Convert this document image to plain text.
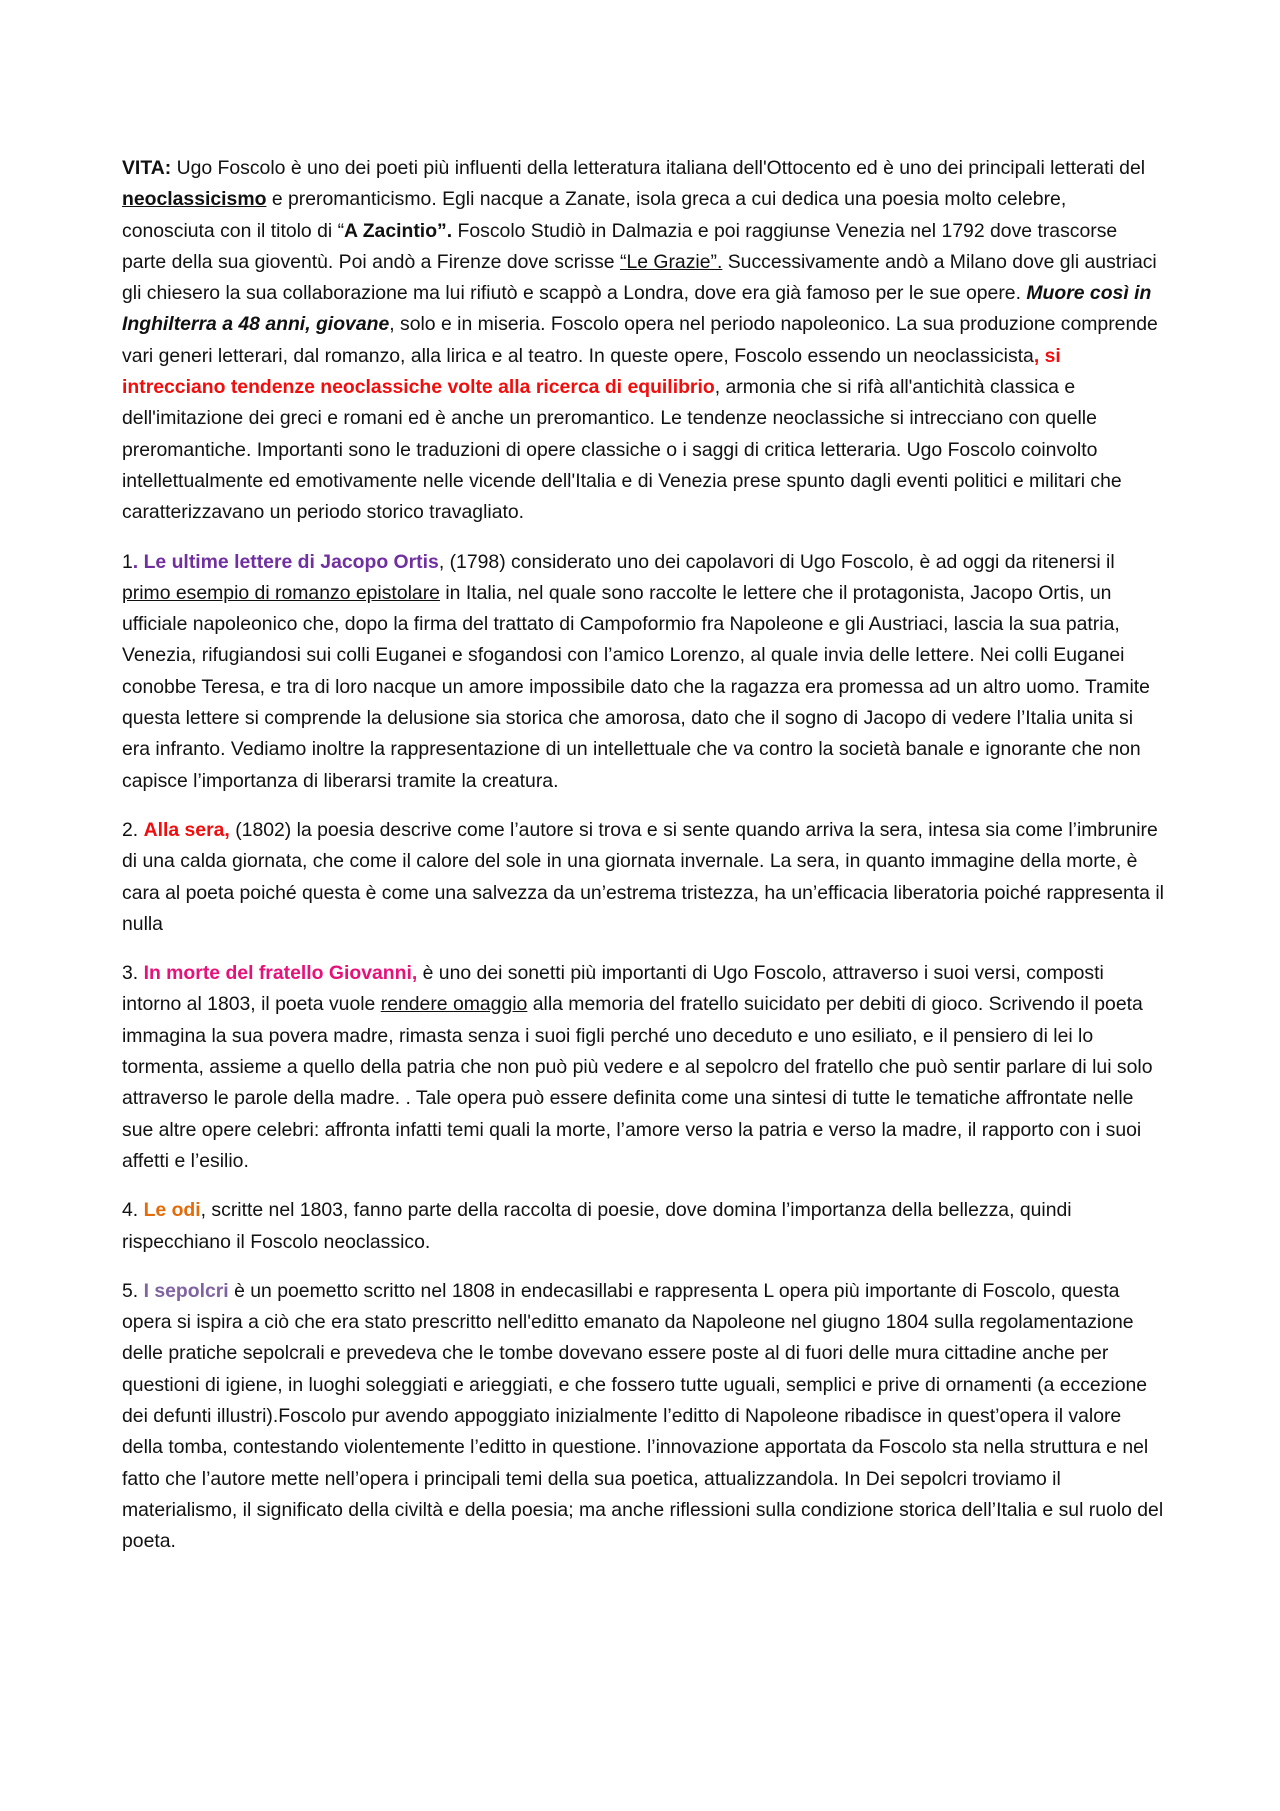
VITA: Ugo Foscolo è uno dei poeti più influenti della letteratura italiana dell'Ottocento ed è uno dei principali letterati del neoclassicismo e preromanticismo. Egli nacque a Zanate, isola greca a cui dedica una poesia molto celebre, conosciuta con il titolo di “A Zacintio”. Foscolo Studiò in Dalmazia e poi raggiunse Venezia nel 1792 dove trascorse parte della sua gioventù. Poi andò a Firenze dove scrisse “Le Grazie”. Successivamente andò a Milano dove gli austriaci gli chiesero la sua collaborazione ma lui rifiutò e scappò a Londra, dove era già famoso per le sue opere. Muore così in Inghilterra a 48 anni, giovane, solo e in miseria. Foscolo opera nel periodo napoleonico. La sua produzione comprende vari generi letterari, dal romanzo, alla lirica e al teatro. In queste opere, Foscolo essendo un neoclassicista, si intrecciano tendenze neoclassiche volte alla ricerca di equilibrio, armonia che si rifà all'antichità classica e dell'imitazione dei greci e romani ed è anche un preromantico. Le tendenze neoclassiche si intrecciano con quelle preromantiche. Importanti sono le traduzioni di opere classiche o i saggi di critica letteraria. Ugo Foscolo coinvolto intellettualmente ed emotivamente nelle vicende dell'Italia e di Venezia prese spunto dagli eventi politici e militari che caratterizzavano un periodo storico travagliato.

1. Le ultime lettere di Jacopo Ortis, (1798) considerato uno dei capolavori di Ugo Foscolo, è ad oggi da ritenersi il primo esempio di romanzo epistolare in Italia, nel quale sono raccolte le lettere che il protagonista, Jacopo Ortis, un ufficiale napoleonico che, dopo la firma del trattato di Campoformio fra Napoleone e gli Austriaci, lascia la sua patria, Venezia, rifugiandosi sui colli Euganei e sfogandosi con l’amico Lorenzo, al quale invia delle lettere. Nei colli Euganei conobbe Teresa, e tra di loro nacque un amore impossibile dato che la ragazza era promessa ad un altro uomo. Tramite questa lettere si comprende la delusione sia storica che amorosa, dato che il sogno di Jacopo di vedere l’Italia unita si era infranto. Vediamo inoltre la rappresentazione di un intellettuale che va contro la società banale e ignorante che non capisce l’importanza di liberarsi tramite la creatura.

2. Alla sera, (1802) la poesia descrive come l’autore si trova e si sente quando arriva la sera, intesa sia come l’imbrunire di una calda giornata, che come il calore del sole in una giornata invernale. La sera, in quanto immagine della morte, è cara al poeta poiché questa è come una salvezza da un’estrema tristezza, ha un’efficacia liberatoria poiché rappresenta il nulla

3. In morte del fratello Giovanni, è uno dei sonetti più importanti di Ugo Foscolo, attraverso i suoi versi, composti intorno al 1803, il poeta vuole rendere omaggio alla memoria del fratello suicidato per debiti di gioco. Scrivendo il poeta immagina la sua povera madre, rimasta senza i suoi figli perché uno deceduto e uno esiliato, e il pensiero di lei lo tormenta, assieme a quello della patria che non può più vedere e al sepolcro del fratello che può sentir parlare di lui solo attraverso le parole della madre. . Tale opera può essere definita come una sintesi di tutte le tematiche affrontate nelle sue altre opere celebri: affronta infatti temi quali la morte, l’amore verso la patria e verso la madre, il rapporto con i suoi affetti e l’esilio.

4. Le odi, scritte nel 1803, fanno parte della raccolta di poesie, dove domina l’importanza della bellezza, quindi rispecchiano il Foscolo neoclassico.

5. I sepolcri è un poemetto scritto nel 1808 in endecasillabi e rappresenta L opera più importante di Foscolo, questa opera si ispira a ciò che era stato prescritto nell'editto emanato da Napoleone nel giugno 1804 sulla regolamentazione delle pratiche sepolcrali e prevedeva che le tombe dovevano essere poste al di fuori delle mura cittadine anche per questioni di igiene, in luoghi soleggiati e arieggiati, e che fossero tutte uguali, semplici e prive di ornamenti (a eccezione dei defunti illustri).Foscolo pur avendo appoggiato inizialmente l’editto di Napoleone ribadisce in quest’opera il valore della tomba, contestando violentemente l’editto in questione. l’innovazione apportata da Foscolo sta nella struttura e nel fatto che l’autore mette nell’opera i principali temi della sua poetica, attualizzandola. In Dei sepolcri troviamo il materialismo, il significato della civiltà e della poesia; ma anche riflessioni sulla condizione storica dell’Italia e sul ruolo del poeta.
